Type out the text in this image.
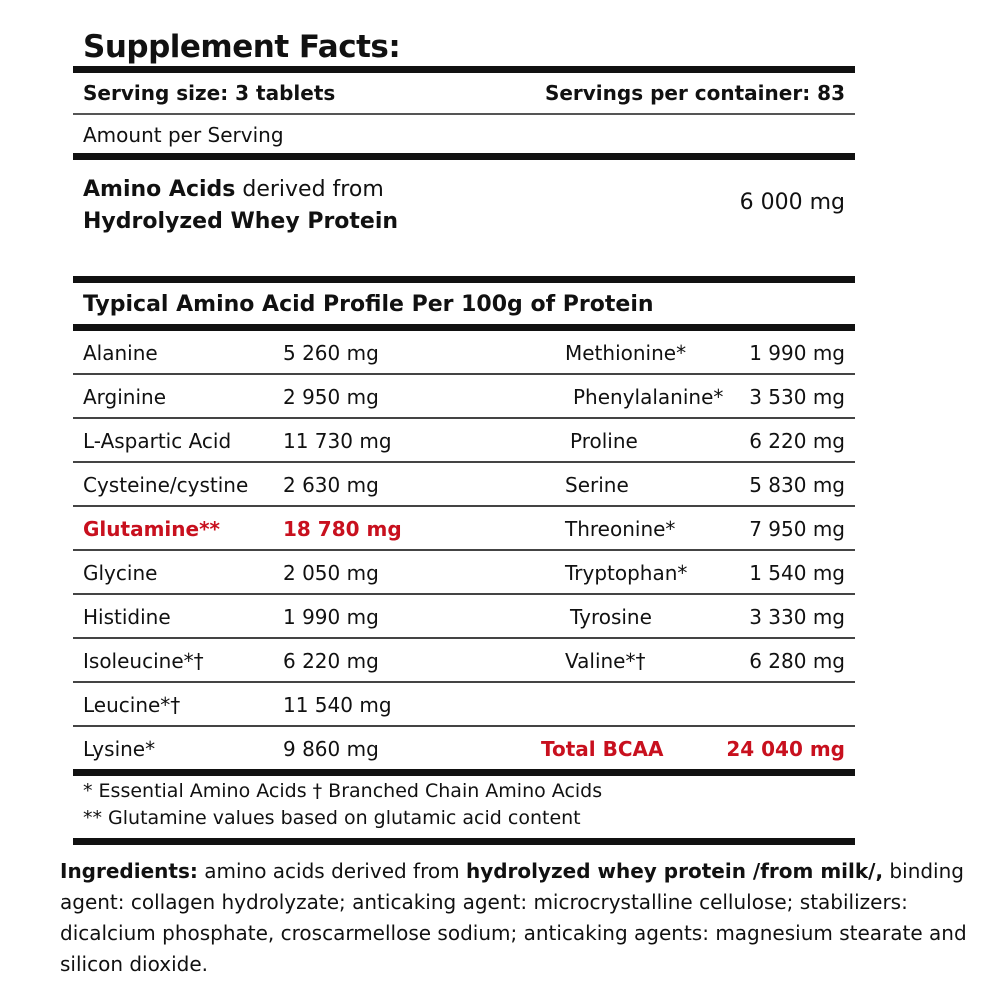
Supplement Facts:
Serving size: 3 tablets	Servings per container: 83
Amount per Serving
Amino Acids derived from Hydrolyzed Whey Protein
6 000 mg
Typical Amino Acid Profile Per 100g of Protein
Alanine	5 260 mg	Methionine*	1 990 mg
Arginine	2 950 mg	Phenylalanine* 3 530 mg
L-Aspartic Acid	11 730 mg	Proline	6 220 mg
Cysteine/cystine 2 630 mg	Serine	5 830 mg
Glutamine**	18 780 mg	Threonine*	7 950 mg
Glycine	2 050 mg	Tryptophan*	1 540 mg
Histidine	1 990 mg	Tyrosine	3 330 mg
Isoleucine*†	6 220 mg	Valine*†	6 280 mg
Leucine*†	11 540 mg
Lysine*	9 860 mg	Total BCAA	24 040 mg
* Essential Amino Acids † Branched Chain Amino Acids
** Glutamine values based on glutamic acid content
Ingredients: amino acids derived from hydrolyzed whey protein /from milk/, binding agent: collagen hydrolyzate; anticaking agent: microcrystalline cellulose; stabilizers: dicalcium phosphate, croscarmellose sodium; anticaking agents: magnesium stearate and silicon dioxide.
